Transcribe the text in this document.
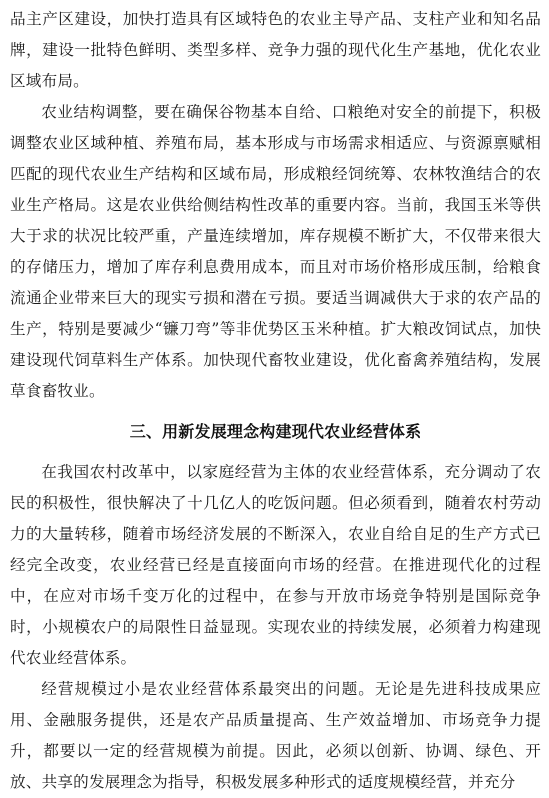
品主产区建设，加快打造具有区域特色的农业主导产品、支柱产业和知名品牌，建设一批特色鲜明、类型多样、竞争力强的现代化生产基地，优化农业区域布局。

农业结构调整，要在确保谷物基本自给、口粮绝对安全的前提下，积极调整农业区域种植、养殖布局，基本形成与市场需求相适应、与资源禀赋相匹配的现代农业生产结构和区域布局，形成粮经饲统筹、农林牧渔结合的农业生产格局。这是农业供给侧结构性改革的重要内容。当前，我国玉米等供大于求的状况比较严重，产量连续增加，库存规模不断扩大，不仅带来很大的存储压力，增加了库存利息费用成本，而且对市场价格形成压制，给粮食流通企业带来巨大的现实亏损和潜在亏损。要适当调减供大于求的农产品的生产，特别是要减少“镰刀弯”等非优势区玉米种植。扩大粮改饲试点，加快建设现代饲草料生产体系。加快现代畜牧业建设，优化畜禽养殖结构，发展草食畜牧业。

三、用新发展理念构建现代农业经营体系

在我国农村改革中，以家庭经营为主体的农业经营体系，充分调动了农民的积极性，很快解决了十几亿人的吃饭问题。但必须看到，随着农村劳动力的大量转移，随着市场经济发展的不断深入，农业自给自足的生产方式已经完全改变，农业经营已经是直接面向市场的经营。在推进现代化的过程中，在应对市场千变万化的过程中，在参与开放市场竞争特别是国际竞争时，小规模农户的局限性日益显现。实现农业的持续发展，必须着力构建现代农业经营体系。

经营规模过小是农业经营体系最突出的问题。无论是先进科技成果应用、金融服务提供，还是农产品质量提高、生产效益增加、市场竞争力提升，都要以一定的经营规模为前提。因此，必须以创新、协调、绿色、开放、共享的发展理念为指导，积极发展多种形式的适度规模经营，并充分
